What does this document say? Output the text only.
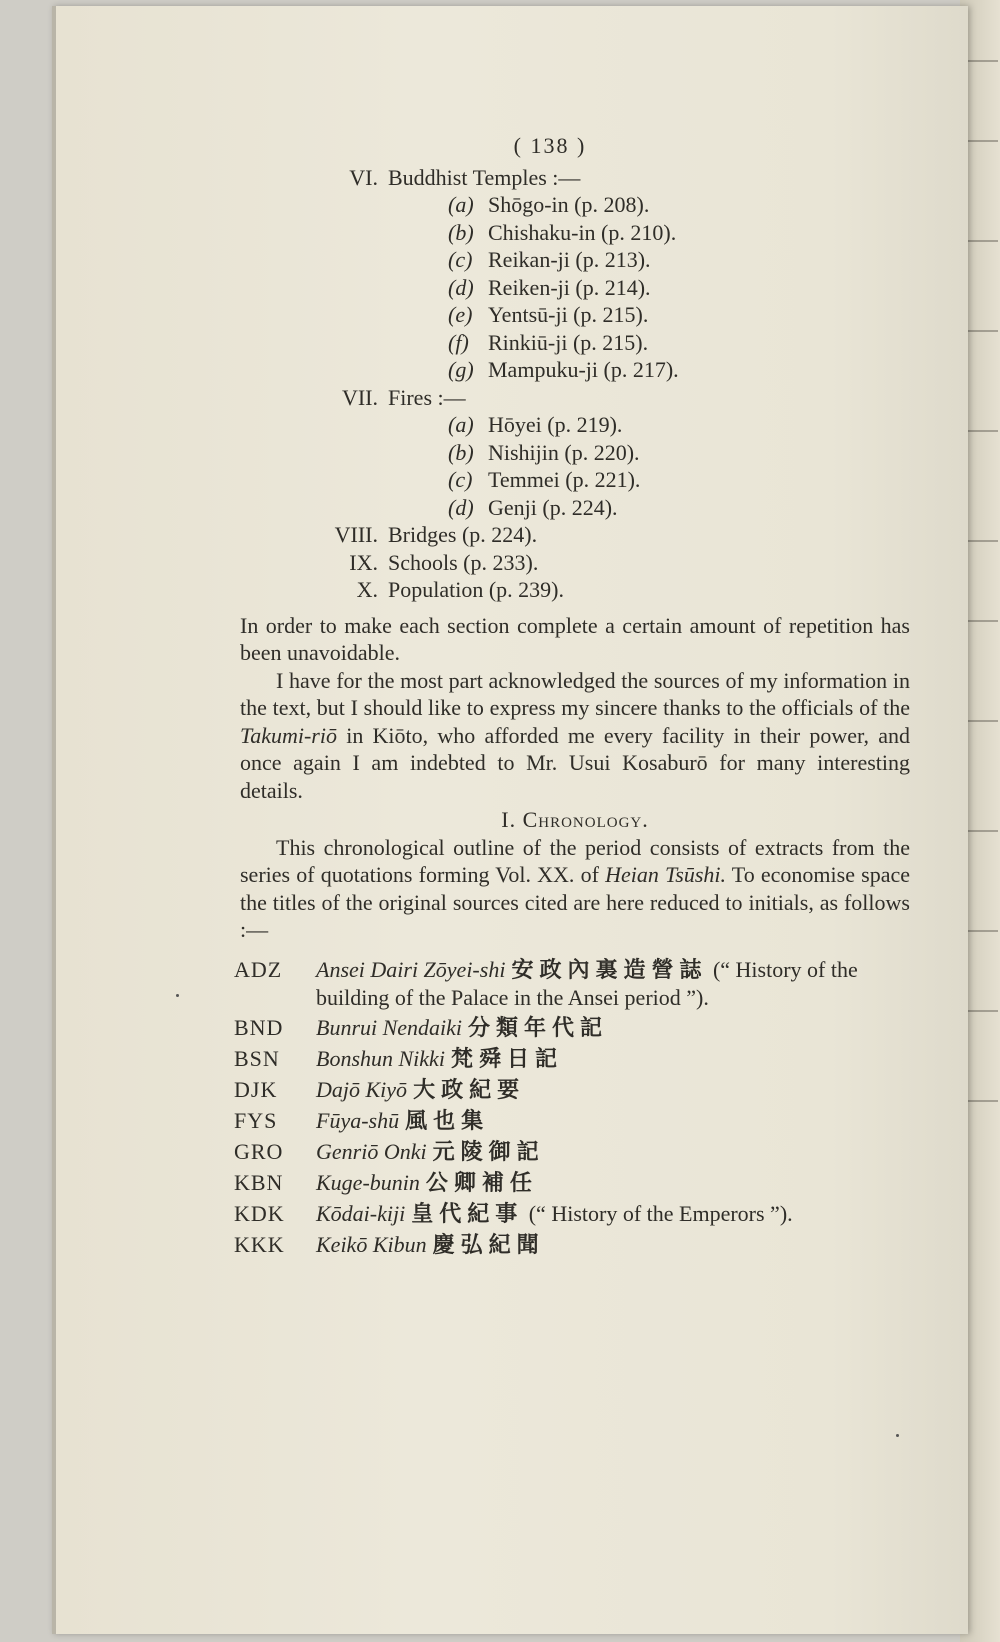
( 138 )
VI. Buddhist Temples :—
(a) Shōgo-in (p. 208).
(b) Chishaku-in (p. 210).
(c) Reikan-ji (p. 213).
(d) Reiken-ji (p. 214).
(e) Yentsū-ji (p. 215).
(f) Rinkiū-ji (p. 215).
(g) Mampuku-ji (p. 217).
VII. Fires :—
(a) Hōyei (p. 219).
(b) Nishijin (p. 220).
(c) Temmei (p. 221).
(d) Genji (p. 224).
VIII. Bridges (p. 224).
IX. Schools (p. 233).
X. Population (p. 239).

In order to make each section complete a certain amount of repetition has been unavoidable.

I have for the most part acknowledged the sources of my information in the text, but I should like to express my sincere thanks to the officials of the Takumi-riō in Kiōto, who afforded me every facility in their power, and once again I am indebted to Mr. Usui Kosaburō for many interesting details.

I. Chronology.

This chronological outline of the period consists of extracts from the series of quotations forming Vol. XX. of Heian Tsūshi. To economise space the titles of the original sources cited are here reduced to initials, as follows :—

ADZ	Ansei Dairi Zōyei-shi 安政內裏造營誌 (“ History of the building of the Palace in the Ansei period ”).
BND	Bunrui Nendaiki 分類年代記
BSN	Bonshun Nikki 梵舜日記
DJK	Dajō Kiyō 大政紀要
FYS	Fūya-shū 風也集
GRO	Genriō Onki 元陵御記
KBN	Kuge-bunin 公卿補任
KDK	Kōdai-kiji 皇代紀事 (“ History of the Emperors ”).
KKK	Keikō Kibun 慶弘紀聞
